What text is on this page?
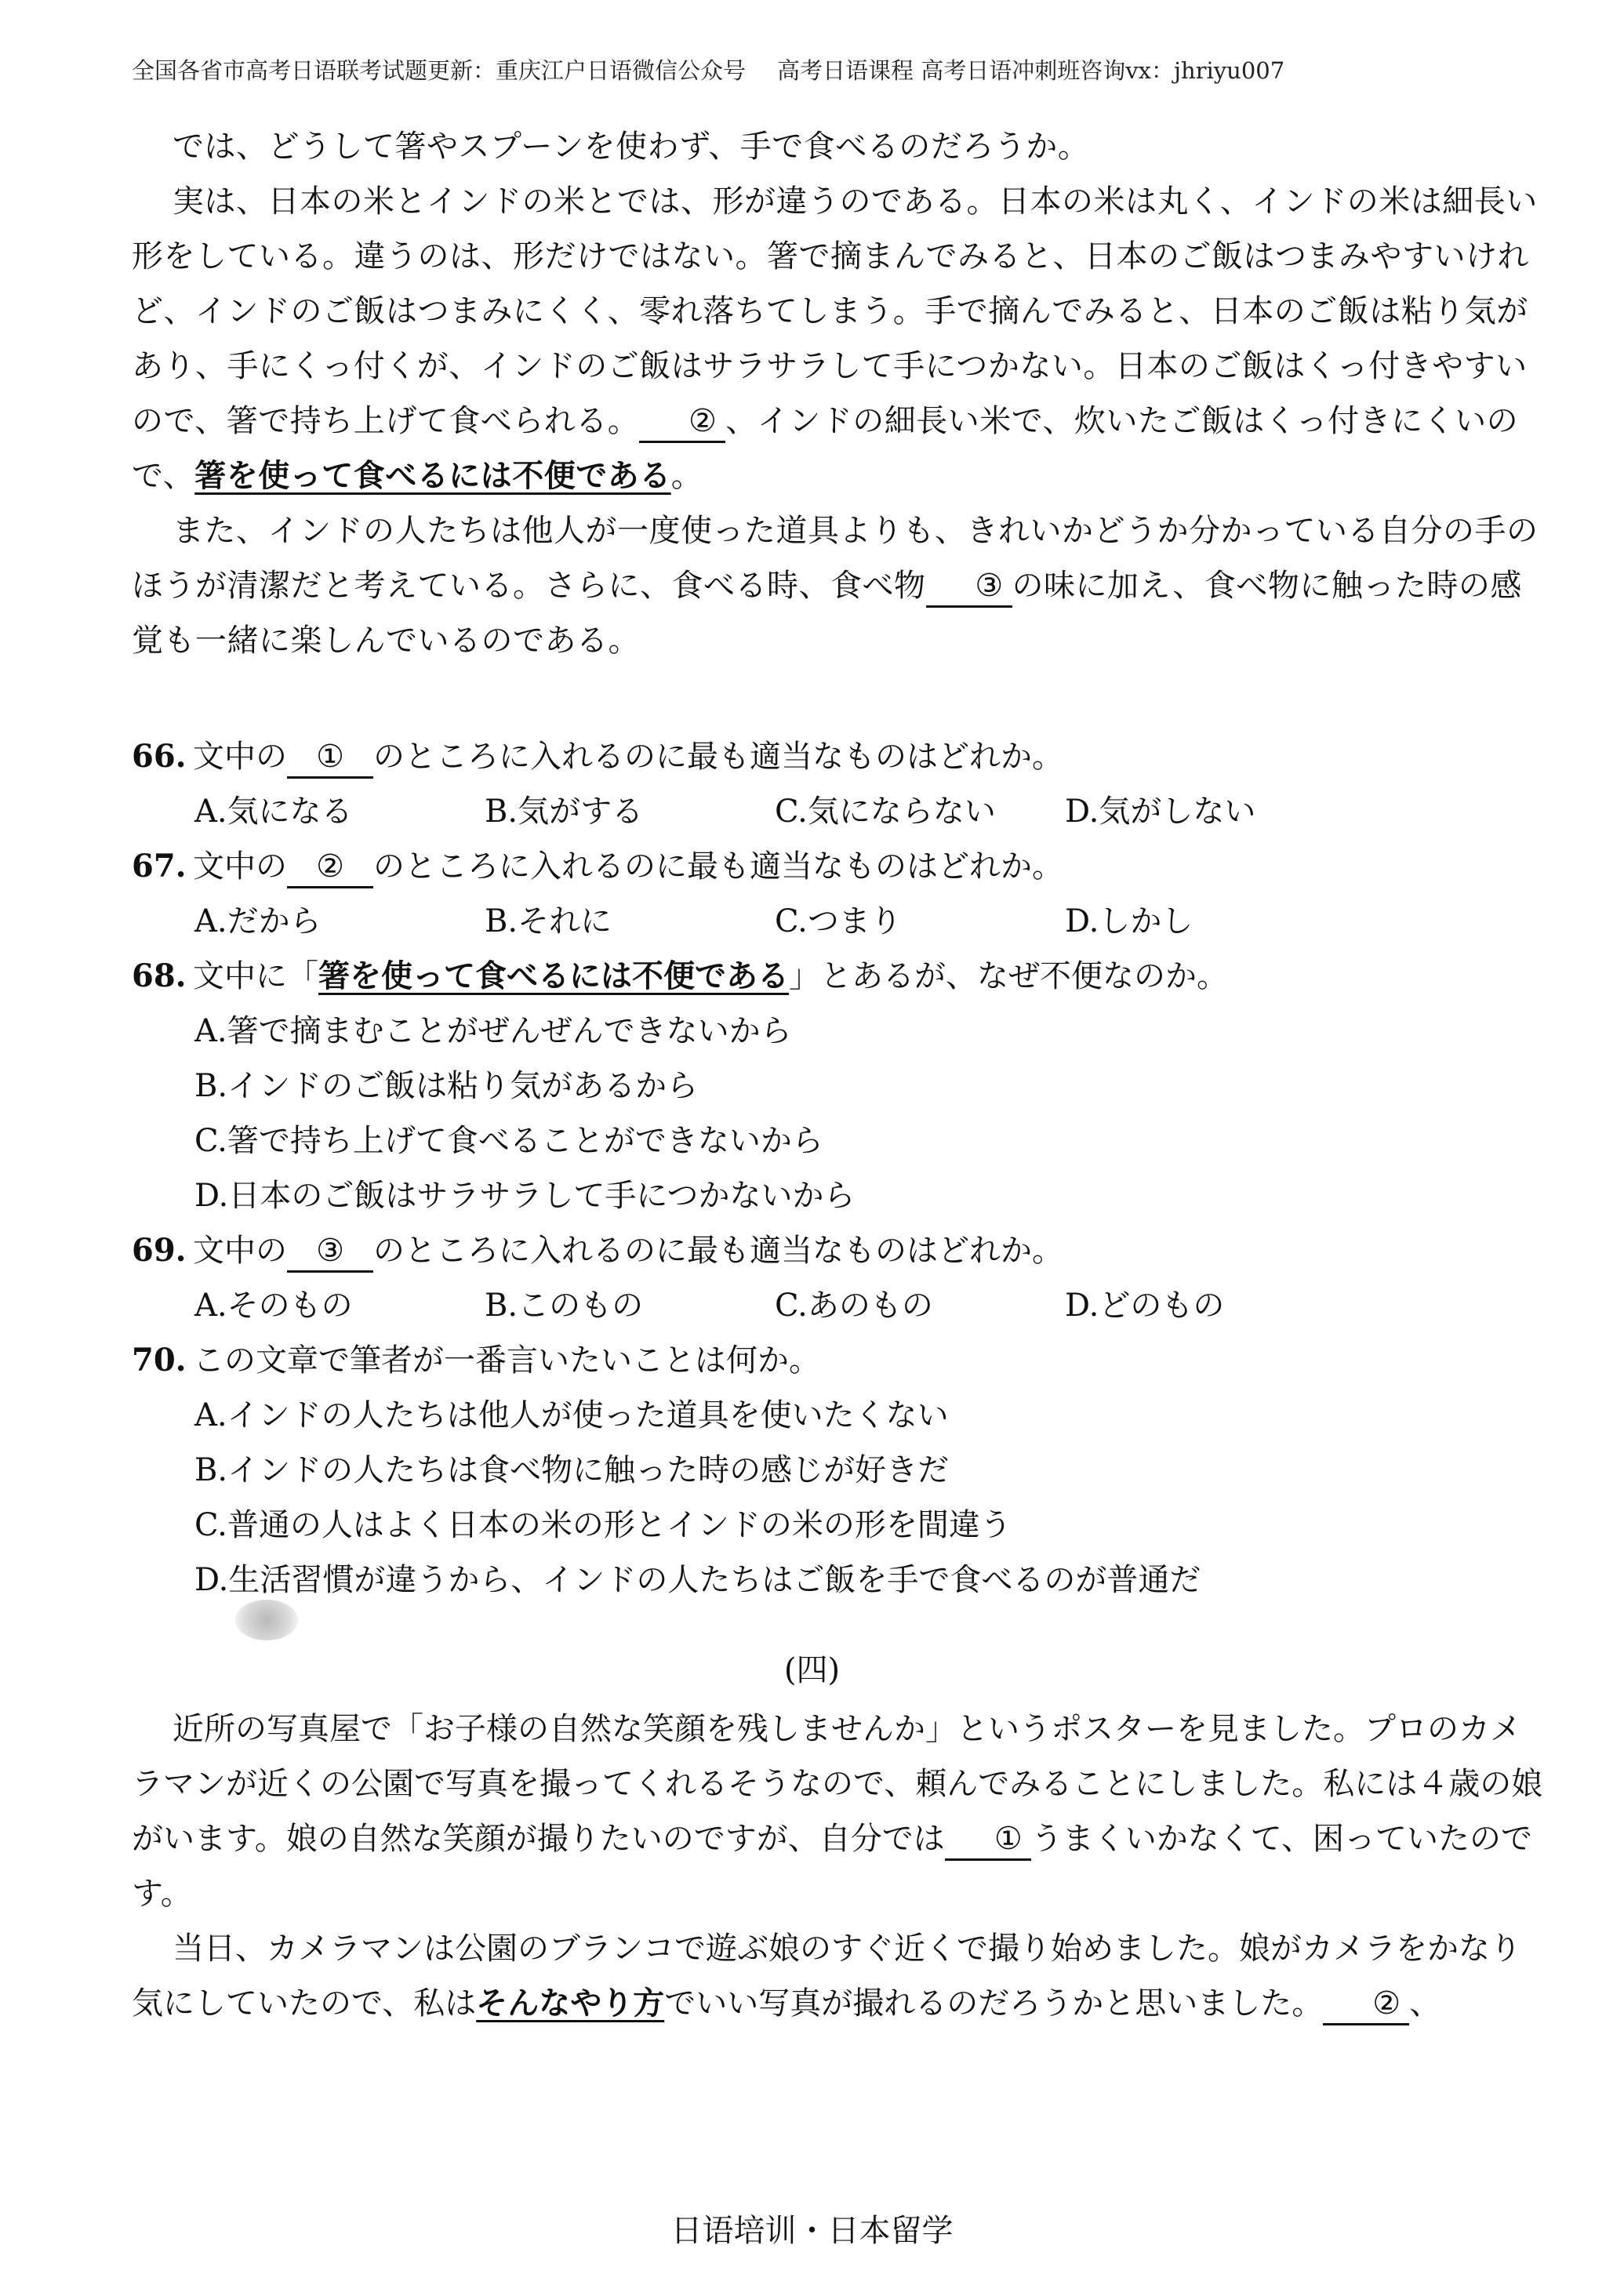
全国各省市高考日语联考试题更新：重庆江户日语微信公众号 高考日语课程 高考日语冲刺班咨询vx：jhriyu007

では、どうして箸やスプーンを使わず、手で食べるのだろうか。

実は、日本の米とインドの米とでは、形が違うのである。日本の米は丸く、インドの米は細長い形をしている。違うのは、形だけではない。箸で摘まんでみると、日本のご飯はつまみやすいけれど、インドのご飯はつまみにくく、零れ落ちてしまう。手で摘んでみると、日本のご飯は粘り気があり、手にくっ付くが、インドのご飯はサラサラして手につかない。日本のご飯はくっ付きやすいので、箸で持ち上げて食べられる。 ② 、インドの細長い米で、炊いたご飯はくっ付きにくいので、箸を使って食べるには不便である。

また、インドの人たちは他人が一度使った道具よりも、きれいかどうか分かっている自分の手のほうが清潔だと考えている。さらに、食べる時、食べ物 ③ の味に加え、食べ物に触った時の感覚も一緒に楽しんでいるのである。

66. 文中の ① のところに入れるのに最も適当なものはどれか。
A.気になる	B.気がする	C.気にならない	D.気がしない
67. 文中の ② のところに入れるのに最も適当なものはどれか。
A.だから	B.それに	C.つまり	D.しかし
68. 文中に「箸を使って食べるには不便である」とあるが、なぜ不便なのか。
A.箸で摘まむことがぜんぜんできないから
B.インドのご飯は粘り気があるから
C.箸で持ち上げて食べることができないから
D.日本のご飯はサラサラして手につかないから
69. 文中の ③ のところに入れるのに最も適当なものはどれか。
A.そのもの	B.このもの	C.あのもの	D.どのもの
70. この文章で筆者が一番言いたいことは何か。
A.インドの人たちは他人が使った道具を使いたくない
B.インドの人たちは食べ物に触った時の感じが好きだ
C.普通の人はよく日本の米の形とインドの米の形を間違う
D.生活習慣が違うから、インドの人たちはご飯を手で食べるのが普通だ
(四)

近所の写真屋で「お子様の自然な笑顔を残しませんか」というポスターを見ました。プロのカメラマンが近くの公園で写真を撮ってくれるそうなので、頼んでみることにしました。私には４歳の娘がいます。娘の自然な笑顔が撮りたいのですが、自分では ① うまくいかなくて、困っていたのです。

当日、カメラマンは公園のブランコで遊ぶ娘のすぐ近くで撮り始めました。娘がカメラをかなり気にしていたので、私はそんなやり方でいい写真が撮れるのだろうかと思いました。 ② 、

日语培训・日本留学
